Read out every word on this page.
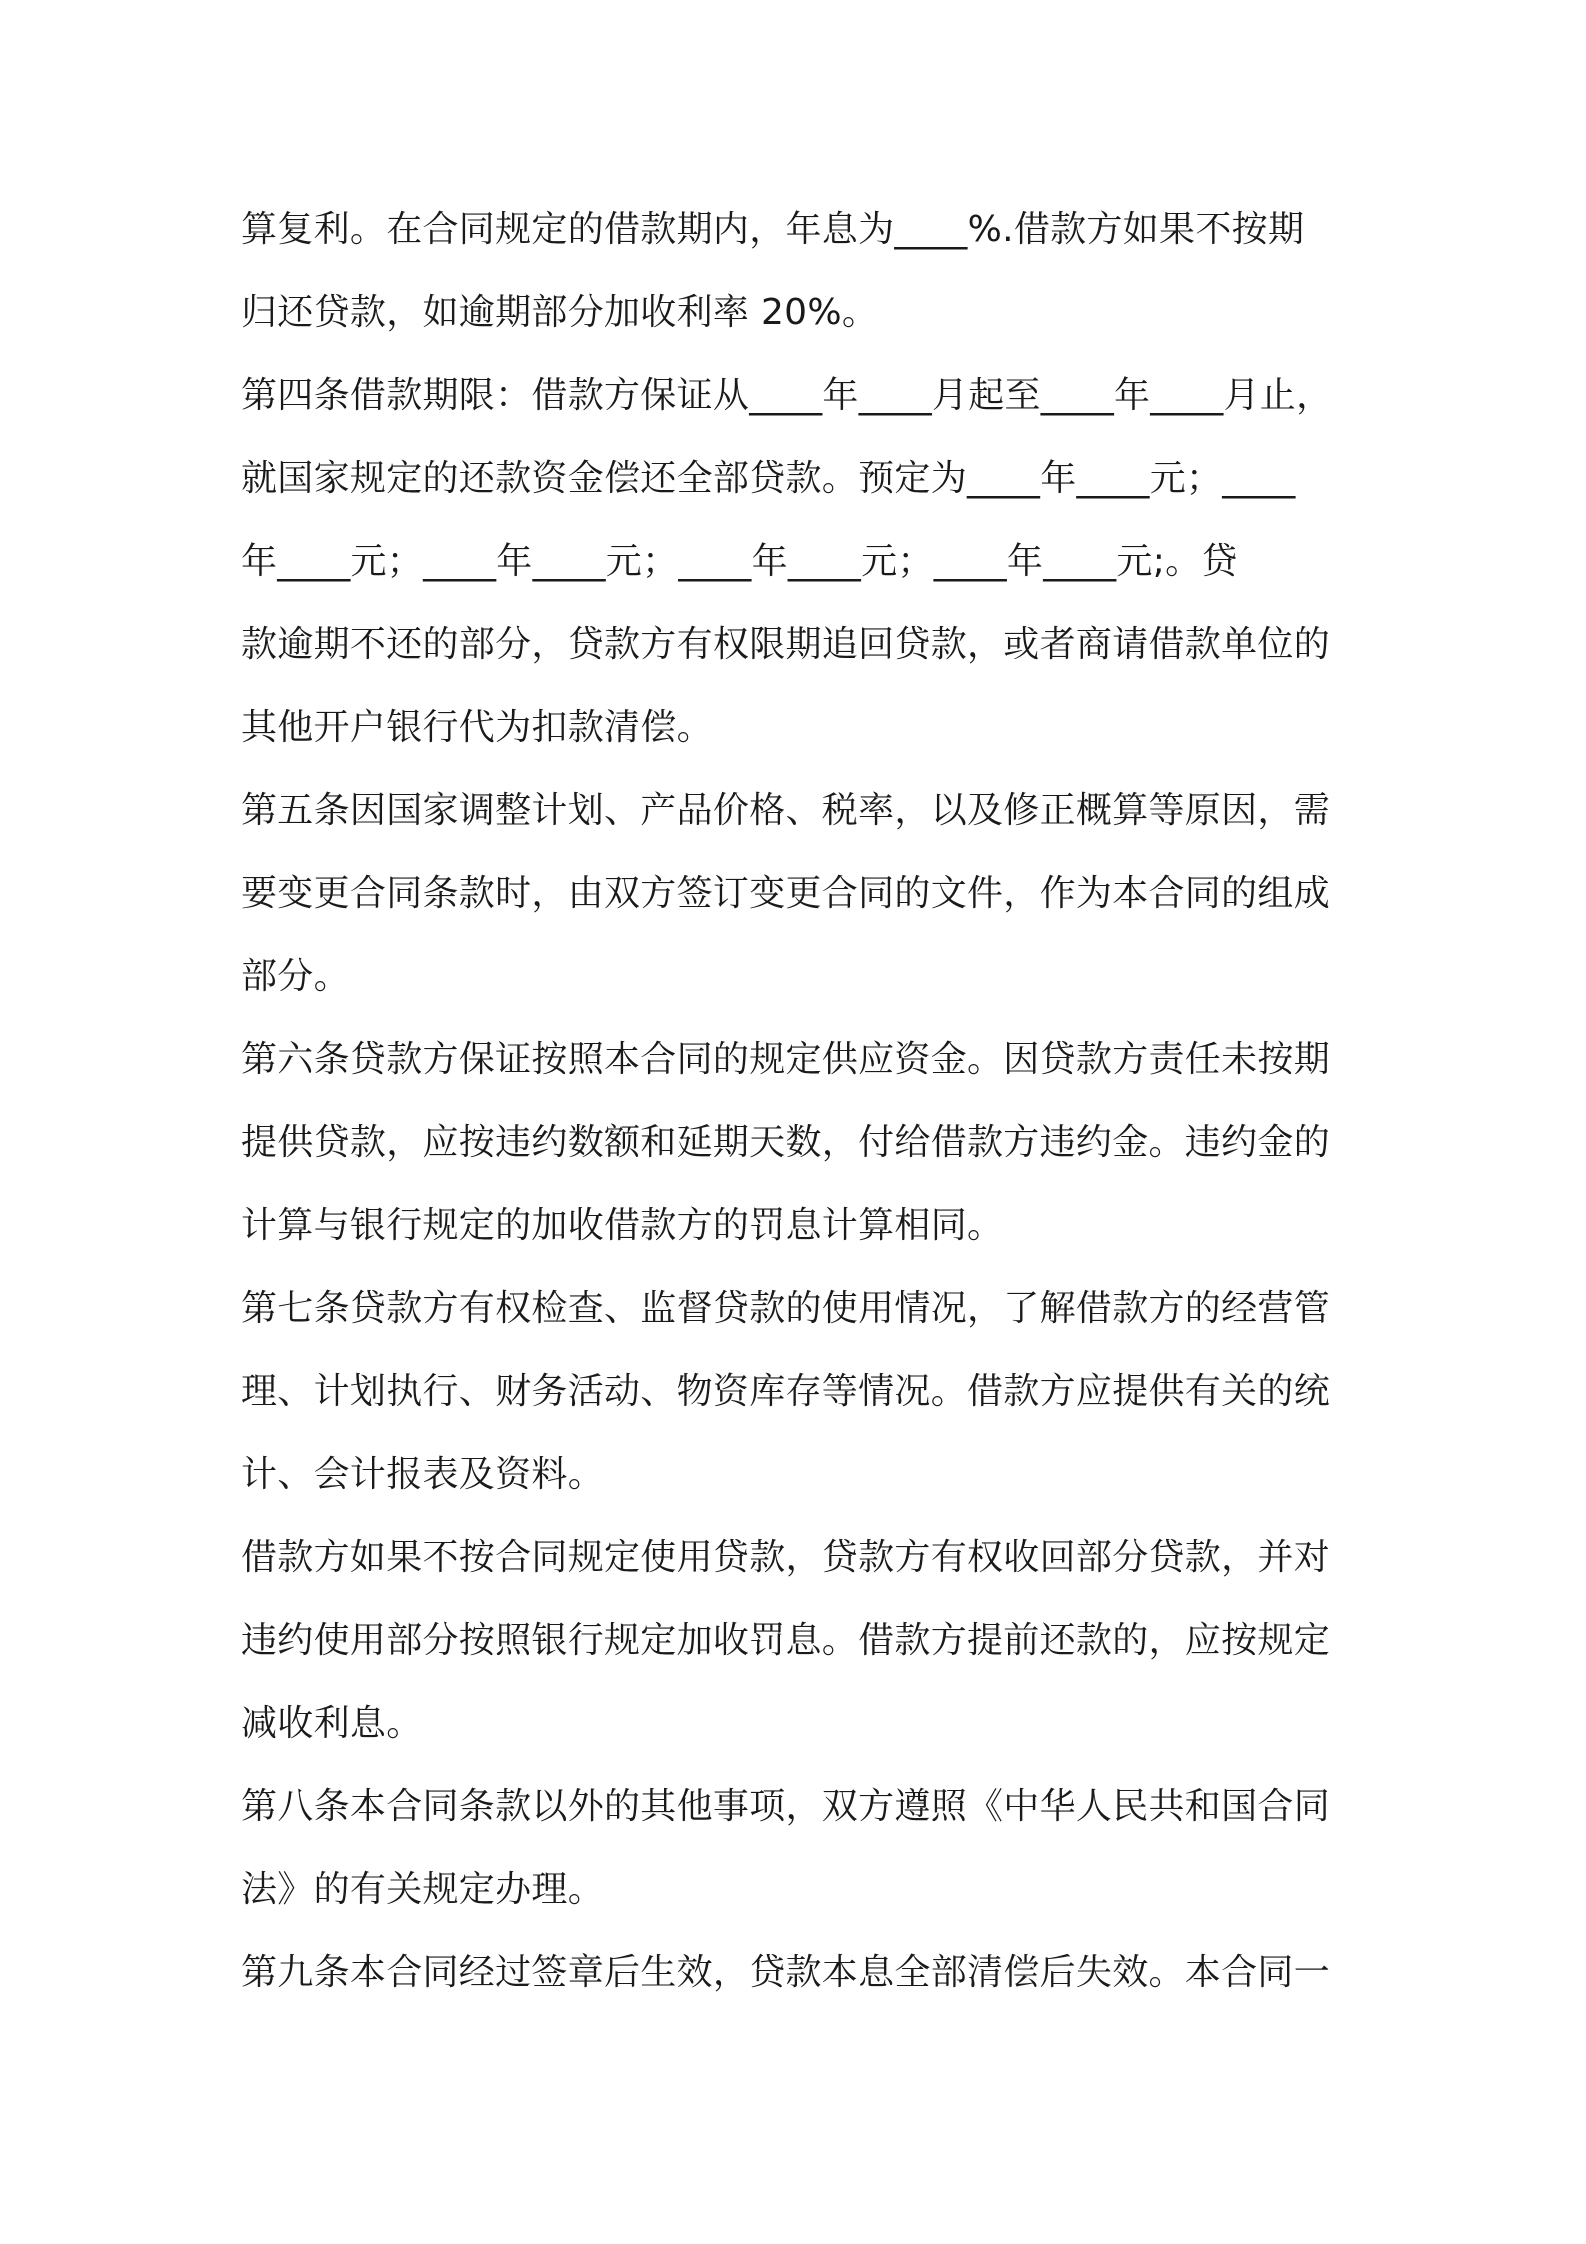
算复利。在合同规定的借款期内，年息为____%.借款方如果不按期
归还贷款，如逾期部分加收利率 20%。
第四条借款期限：借款方保证从____年____月起至____年____月止，
就国家规定的还款资金偿还全部贷款。预定为____年____元；____
年____元；____年____元；____年____元；____年____元;。贷
款逾期不还的部分，贷款方有权限期追回贷款，或者商请借款单位的
其他开户银行代为扣款清偿。
第五条因国家调整计划、产品价格、税率，以及修正概算等原因，需
要变更合同条款时，由双方签订变更合同的文件，作为本合同的组成
部分。
第六条贷款方保证按照本合同的规定供应资金。因贷款方责任未按期
提供贷款，应按违约数额和延期天数，付给借款方违约金。违约金的
计算与银行规定的加收借款方的罚息计算相同。
第七条贷款方有权检查、监督贷款的使用情况，了解借款方的经营管
理、计划执行、财务活动、物资库存等情况。借款方应提供有关的统
计、会计报表及资料。
借款方如果不按合同规定使用贷款，贷款方有权收回部分贷款，并对
违约使用部分按照银行规定加收罚息。借款方提前还款的，应按规定
减收利息。
第八条本合同条款以外的其他事项，双方遵照《中华人民共和国合同
法》的有关规定办理。
第九条本合同经过签章后生效，贷款本息全部清偿后失效。本合同一
